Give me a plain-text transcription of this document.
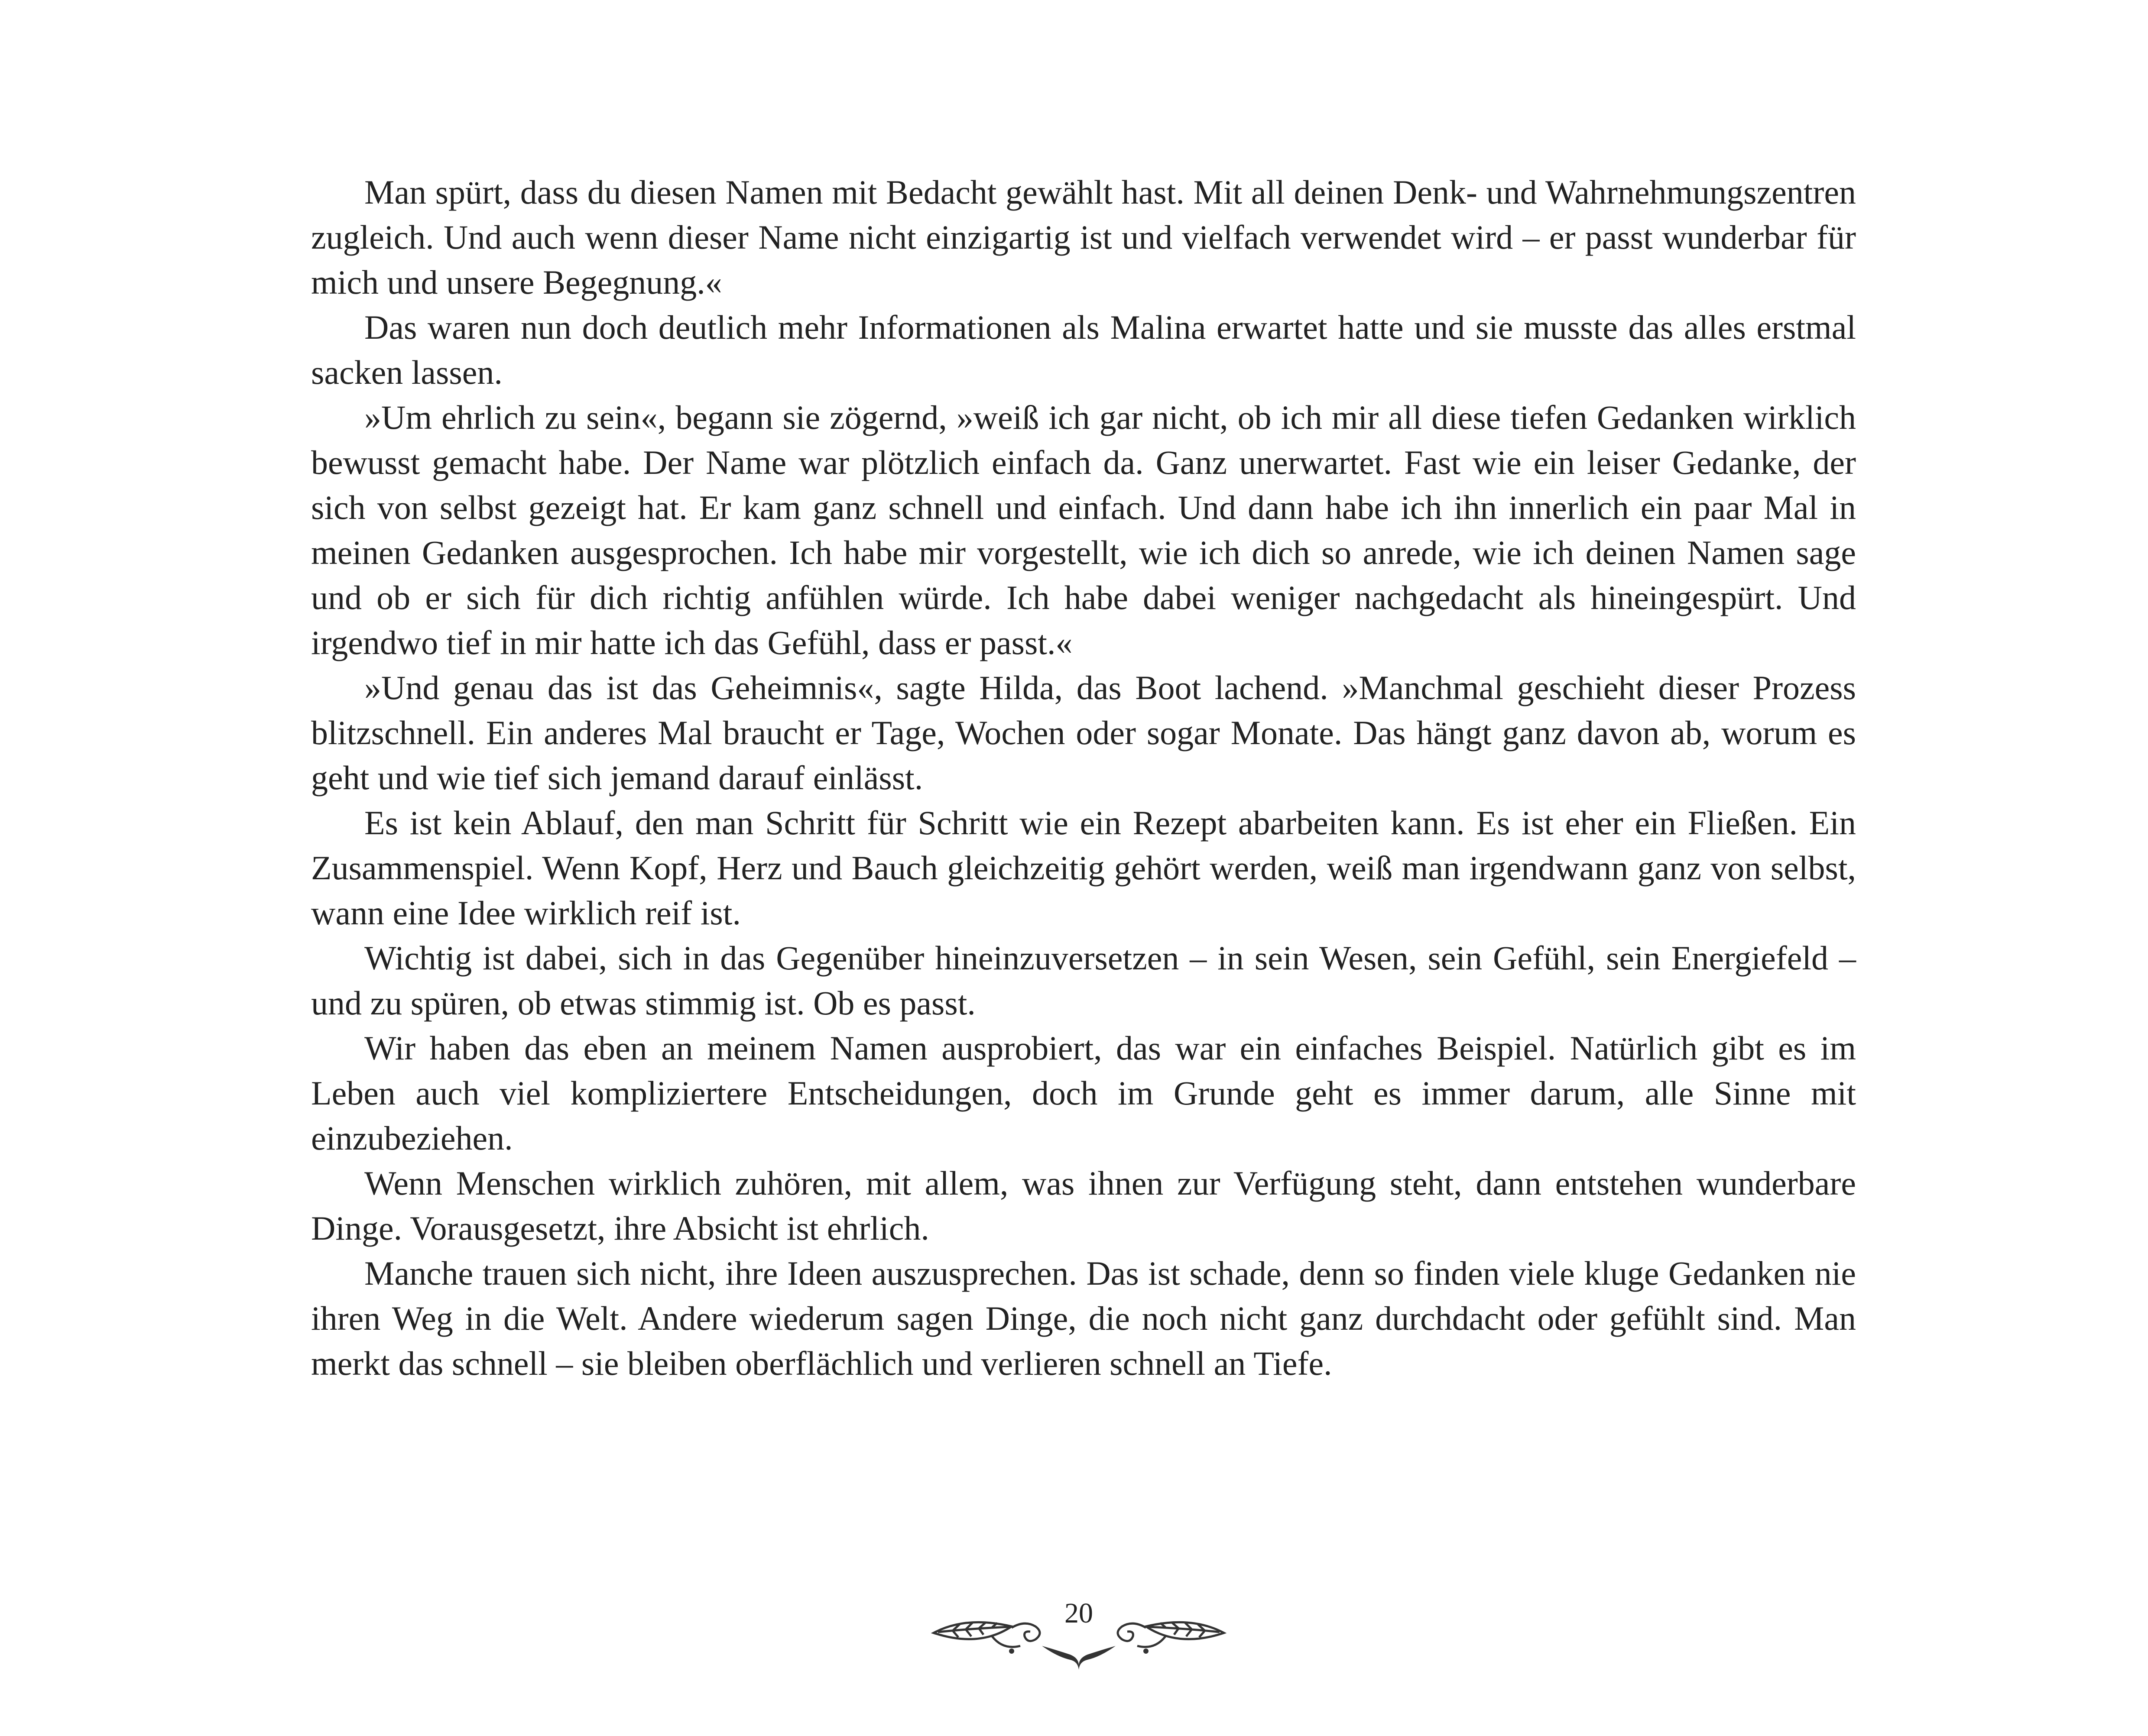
Man spürt, dass du diesen Namen mit Bedacht gewählt hast. Mit all deinen Denk- und Wahrnehmungszentren zugleich. Und auch wenn dieser Name nicht einzigartig ist und vielfach verwendet wird – er passt wunderbar für mich und unsere Begegnung.«

Das waren nun doch deutlich mehr Informationen als Malina erwartet hatte und sie musste das alles erstmal sacken lassen.

»Um ehrlich zu sein«, begann sie zögernd, »weiß ich gar nicht, ob ich mir all diese tiefen Gedanken wirklich bewusst gemacht habe. Der Name war plötzlich einfach da. Ganz unerwartet. Fast wie ein leiser Gedanke, der sich von selbst gezeigt hat. Er kam ganz schnell und einfach. Und dann habe ich ihn innerlich ein paar Mal in meinen Gedanken ausgesprochen. Ich habe mir vorgestellt, wie ich dich so anrede, wie ich deinen Namen sage und ob er sich für dich richtig anfühlen würde. Ich habe dabei weniger nachgedacht als hineingespürt. Und irgendwo tief in mir hatte ich das Gefühl, dass er passt.«

»Und genau das ist das Geheimnis«, sagte Hilda, das Boot lachend. »Manchmal geschieht dieser Prozess blitzschnell. Ein anderes Mal braucht er Tage, Wochen oder sogar Monate. Das hängt ganz davon ab, worum es geht und wie tief sich jemand darauf einlässt.

Es ist kein Ablauf, den man Schritt für Schritt wie ein Rezept abarbeiten kann. Es ist eher ein Fließen. Ein Zusammenspiel. Wenn Kopf, Herz und Bauch gleichzeitig gehört werden, weiß man irgendwann ganz von selbst, wann eine Idee wirklich reif ist.

Wichtig ist dabei, sich in das Gegenüber hineinzuversetzen – in sein Wesen, sein Gefühl, sein Energiefeld – und zu spüren, ob etwas stimmig ist. Ob es passt.

Wir haben das eben an meinem Namen ausprobiert, das war ein einfaches Beispiel. Natürlich gibt es im Leben auch viel kompliziertere Entscheidungen, doch im Grunde geht es immer darum, alle Sinne mit einzubeziehen.

Wenn Menschen wirklich zuhören, mit allem, was ihnen zur Verfügung steht, dann entstehen wunderbare Dinge. Vorausgesetzt, ihre Absicht ist ehrlich.

Manche trauen sich nicht, ihre Ideen auszusprechen. Das ist schade, denn so finden viele kluge Gedanken nie ihren Weg in die Welt. Andere wiederum sagen Dinge, die noch nicht ganz durchdacht oder gefühlt sind. Man merkt das schnell – sie bleiben oberflächlich und verlieren schnell an Tiefe.

20
